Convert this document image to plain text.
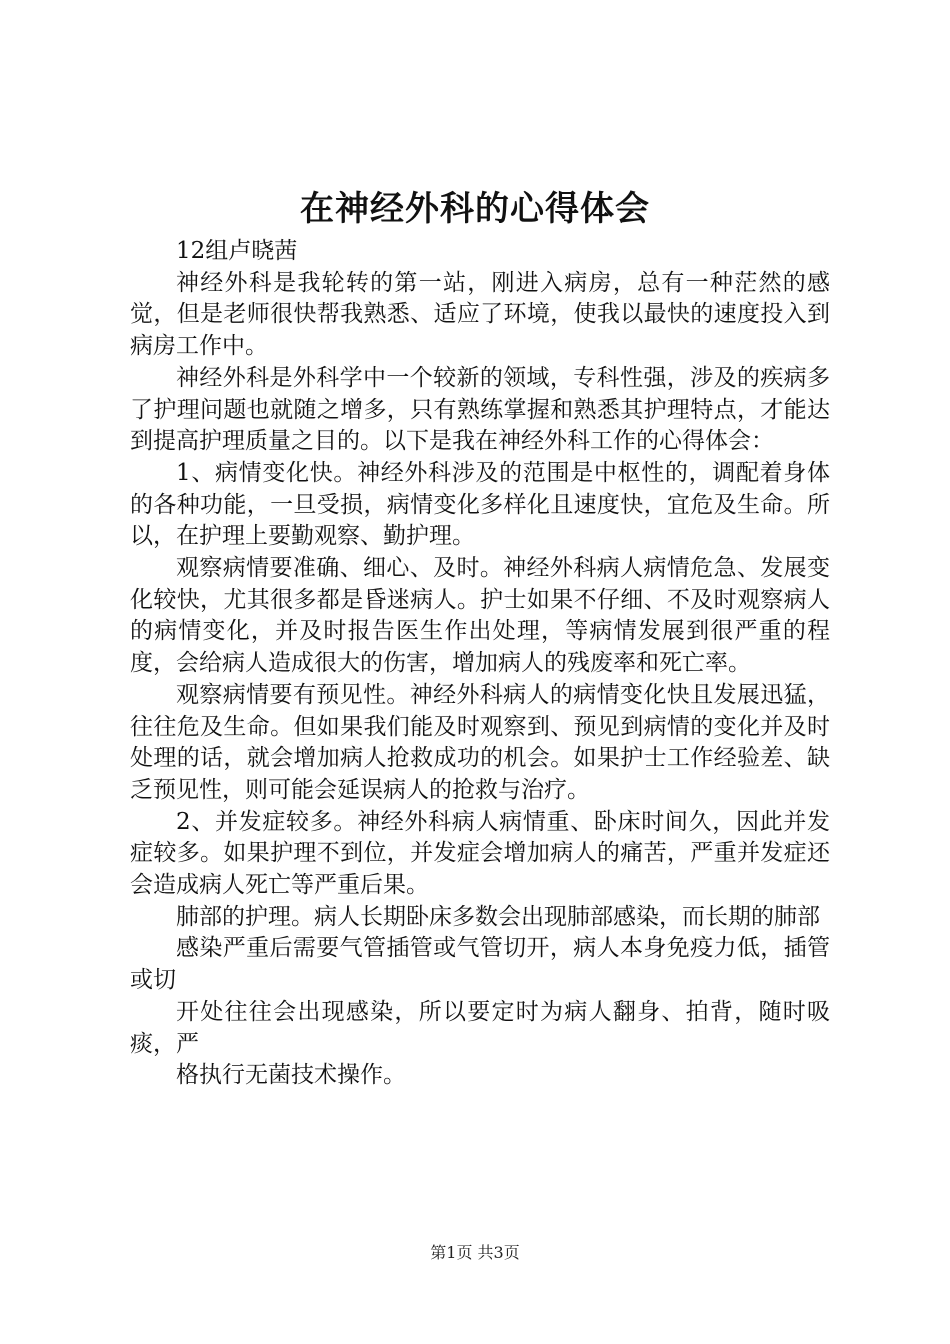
在神经外科的心得体会

12组卢晓茜

神经外科是我轮转的第一站，刚进入病房，总有一种茫然的感觉，但是老师很快帮我熟悉、适应了环境，使我以最快的速度投入到病房工作中。

神经外科是外科学中一个较新的领域，专科性强，涉及的疾病多了护理问题也就随之增多，只有熟练掌握和熟悉其护理特点，才能达到提高护理质量之目的。以下是我在神经外科工作的心得体会：

1、病情变化快。神经外科涉及的范围是中枢性的，调配着身体的各种功能，一旦受损，病情变化多样化且速度快，宜危及生命。所以，在护理上要勤观察、勤护理。

观察病情要准确、细心、及时。神经外科病人病情危急、发展变化较快，尤其很多都是昏迷病人。护士如果不仔细、不及时观察病人的病情变化，并及时报告医生作出处理，等病情发展到很严重的程度，会给病人造成很大的伤害，增加病人的残废率和死亡率。

观察病情要有预见性。神经外科病人的病情变化快且发展迅猛，往往危及生命。但如果我们能及时观察到、预见到病情的变化并及时处理的话，就会增加病人抢救成功的机会。如果护士工作经验差、缺乏预见性，则可能会延误病人的抢救与治疗。

2、并发症较多。神经外科病人病情重、卧床时间久，因此并发症较多。如果护理不到位，并发症会增加病人的痛苦，严重并发症还会造成病人死亡等严重后果。

肺部的护理。病人长期卧床多数会出现肺部感染，而长期的肺部

感染严重后需要气管插管或气管切开，病人本身免疫力低，插管或切

开处往往会出现感染，所以要定时为病人翻身、拍背，随时吸痰，严

格执行无菌技术操作。

第1页 共3页
